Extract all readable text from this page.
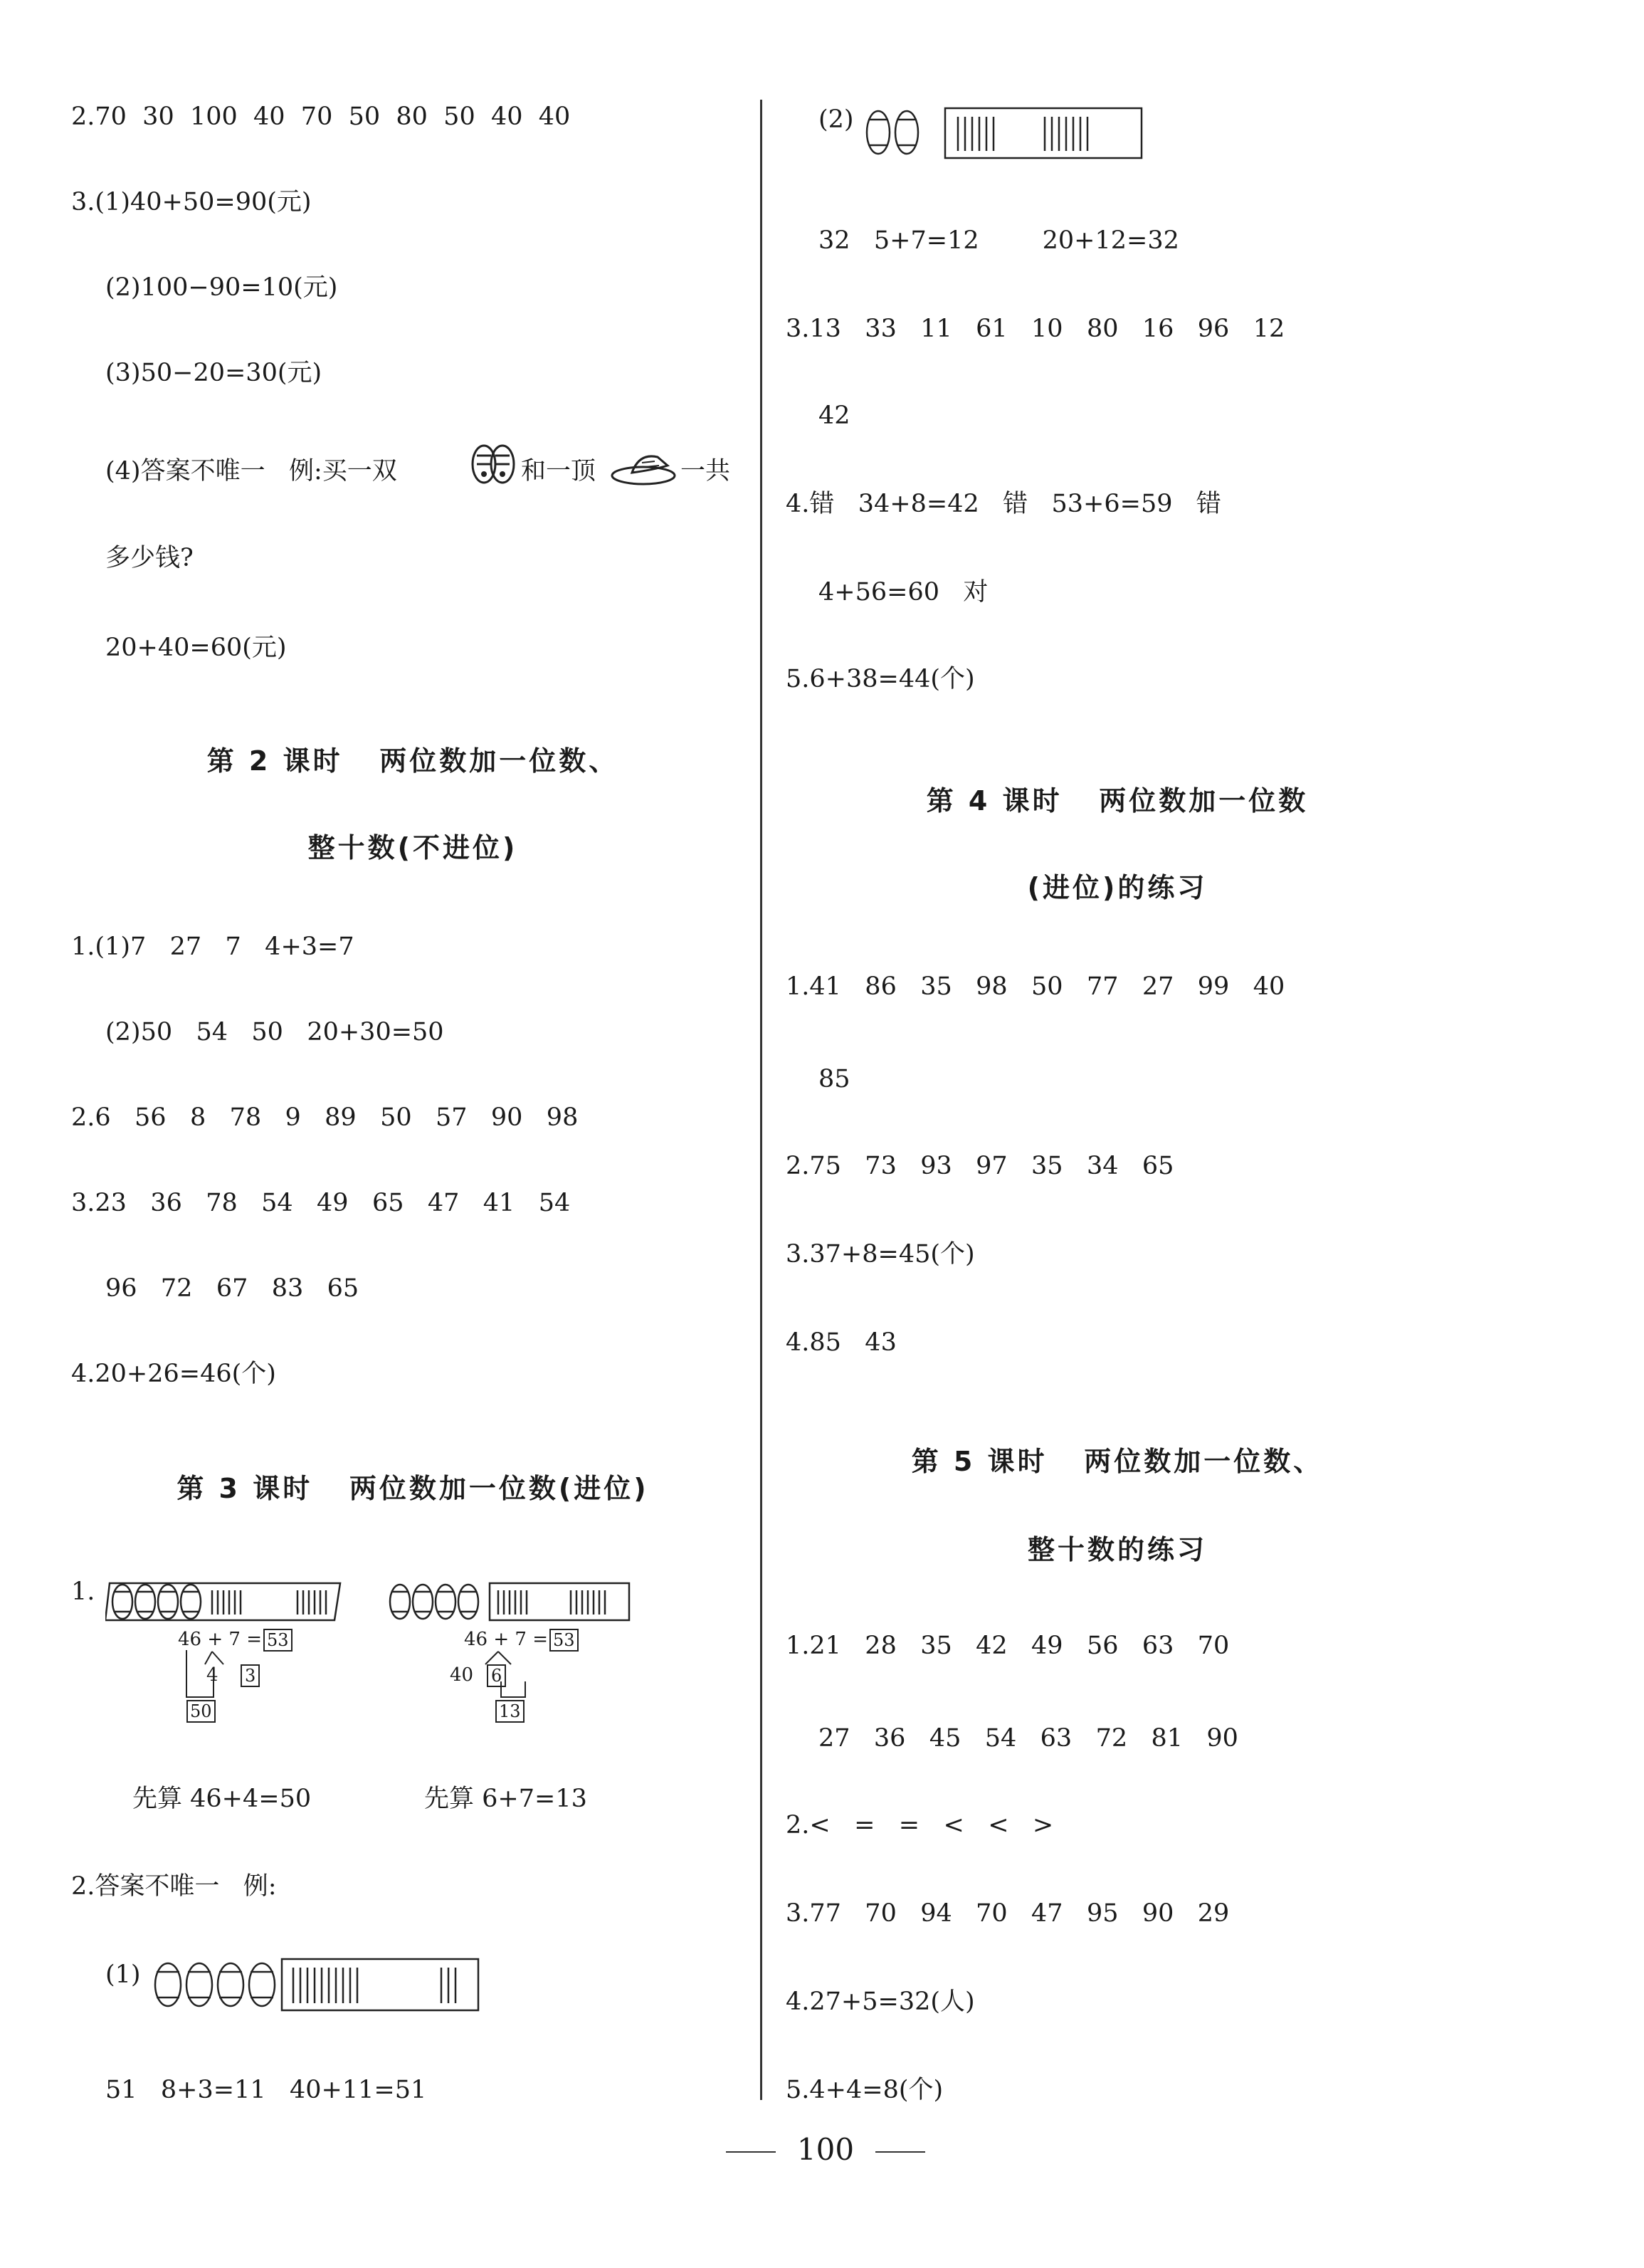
2.70  30  100  40  70  50  80  50  40  40
3.(1)40+50=90(元)
(2)100−90=10(元)
(3)50−20=30(元)
(4)答案不唯一   例:买一双	和一顶	一共
多少钱?
20+40=60(元)
第 2 课时   两位数加一位数、
整十数(不进位)
1.(1)7   27   7   4+3=7
(2)50   54   50   20+30=50
2.6   56   8   78   9   89   50   57   90   98
3.23   36   78   54   49   65   47   41   54
96   72   67   83   65
4.20+26=46(个)
第 3 课时   两位数加一位数(进位)
1.
46 + 7 = 53
4 3
50
46 + 7 = 53
40 6
13
先算 46+4=50	先算 6+7=13
2.答案不唯一   例:
(1)
51   8+3=11   40+11=51
(2)
32   5+7=12        20+12=32
3.13   33   11   61   10   80   16   96   12
42
4.错   34+8=42   错   53+6=59   错
4+56=60   对
5.6+38=44(个)
第 4 课时   两位数加一位数
(进位)的练习
1.41   86   35   98   50   77   27   99   40
85
2.75   73   93   97   35   34   65
3.37+8=45(个)
4.85   43
第 5 课时   两位数加一位数、
整十数的练习
1.21   28   35   42   49   56   63   70
27   36   45   54   63   72   81   90
2.<   =   =   <   <   >
3.77   70   94   70   47   95   90   29
4.27+5=32(人)
5.4+4=8(个)
100
